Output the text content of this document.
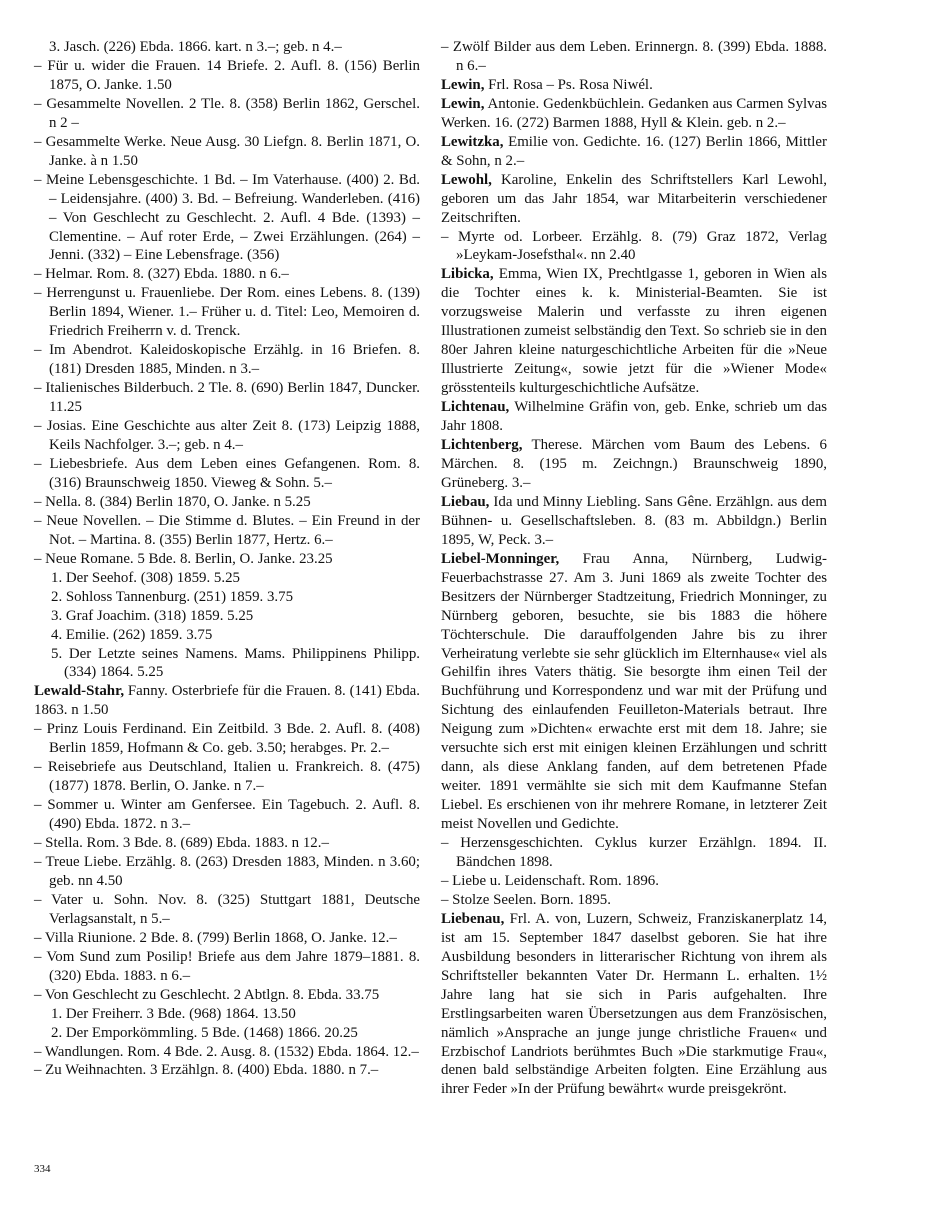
3. Jasch. (226) Ebda. 1866. kart. n 3.–; geb. n 4.–

– Für u. wider die Frauen. 14 Briefe. 2. Aufl. 8. (156) Berlin 1875, O. Janke. 1.50

– Gesammelte Novellen. 2 Tle. 8. (358) Berlin 1862, Gerschel. n 2 –

– Gesammelte Werke. Neue Ausg. 30 Liefgn. 8. Berlin 1871, O. Janke. à n 1.50

– Meine Lebensgeschichte. 1 Bd. – Im Vaterhause. (400) 2. Bd. – Leidensjahre. (400) 3. Bd. – Befreiung. Wanderleben. (416) – Von Geschlecht zu Geschlecht. 2. Aufl. 4 Bde. (1393) – Clementine. – Auf roter Erde, – Zwei Erzählungen. (264) – Jenni. (332) – Eine Lebensfrage. (356)

– Helmar. Rom. 8. (327) Ebda. 1880. n 6.–

– Herrengunst u. Frauenliebe. Der Rom. eines Lebens. 8. (139) Berlin 1894, Wiener. 1.– Früher u. d. Titel: Leo, Memoiren d. Friedrich Freiherrn v. d. Trenck.

– Im Abendrot. Kaleidoskopische Erzählg. in 16 Briefen. 8. (181) Dresden 1885, Minden. n 3.–

– Italienisches Bilderbuch. 2 Tle. 8. (690) Berlin 1847, Duncker. 11.25

– Josias. Eine Geschichte aus alter Zeit 8. (173) Leipzig 1888, Keils Nachfolger. 3.–; geb. n 4.–

– Liebesbriefe. Aus dem Leben eines Gefangenen. Rom. 8. (316) Braunschweig 1850. Vieweg & Sohn. 5.–

– Nella. 8. (384) Berlin 1870, O. Janke. n 5.25

– Neue Novellen. – Die Stimme d. Blutes. – Ein Freund in der Not. – Martina. 8. (355) Berlin 1877, Hertz. 6.–

– Neue Romane. 5 Bde. 8. Berlin, O. Janke. 23.25

1. Der Seehof. (308) 1859. 5.25

2. Sohloss Tannenburg. (251) 1859. 3.75

3. Graf Joachim. (318) 1859. 5.25

4. Emilie. (262) 1859. 3.75

5. Der Letzte seines Namens. Mams. Philippinens Philipp. (334) 1864. 5.25

Lewald-Stahr, Fanny. Osterbriefe für die Frauen. 8. (141) Ebda. 1863. n 1.50

– Prinz Louis Ferdinand. Ein Zeitbild. 3 Bde. 2. Aufl. 8. (408) Berlin 1859, Hofmann & Co. geb. 3.50; herabges. Pr. 2.–

– Reisebriefe aus Deutschland, Italien u. Frankreich. 8. (475) (1877) 1878. Berlin, O. Janke. n 7.–

– Sommer u. Winter am Genfersee. Ein Tagebuch. 2. Aufl. 8. (490) Ebda. 1872. n 3.–

– Stella. Rom. 3 Bde. 8. (689) Ebda. 1883. n 12.–

– Treue Liebe. Erzählg. 8. (263) Dresden 1883, Minden. n 3.60; geb. nn 4.50

– Vater u. Sohn. Nov. 8. (325) Stuttgart 1881, Deutsche Verlagsanstalt, n 5.–

– Villa Riunione. 2 Bde. 8. (799) Berlin 1868, O. Janke. 12.–

– Vom Sund zum Posilip! Briefe aus dem Jahre 1879–1881. 8. (320) Ebda. 1883. n 6.–

– Von Geschlecht zu Geschlecht. 2 Abtlgn. 8. Ebda. 33.75

1. Der Freiherr. 3 Bde. (968) 1864. 13.50

2. Der Emporkömmling. 5 Bde. (1468) 1866. 20.25

– Wandlungen. Rom. 4 Bde. 2. Ausg. 8. (1532) Ebda. 1864. 12.–

– Zu Weihnachten. 3 Erzählgn. 8. (400) Ebda. 1880. n 7.–

– Zwölf Bilder aus dem Leben. Erinnergn. 8. (399) Ebda. 1888. n 6.–

Lewin, Frl. Rosa – Ps. Rosa Niwél.

Lewin, Antonie. Gedenkbüchlein. Gedanken aus Carmen Sylvas Werken. 16. (272) Barmen 1888, Hyll & Klein. geb. n 2.–

Lewitzka, Emilie von. Gedichte. 16. (127) Berlin 1866, Mittler & Sohn, n 2.–

Lewohl, Karoline, Enkelin des Schriftstellers Karl Lewohl, geboren um das Jahr 1854, war Mitarbeiterin verschiedener Zeitschriften.

– Myrte od. Lorbeer. Erzählg. 8. (79) Graz 1872, Verlag »Leykam-Josefsthal«. nn 2.40

Libicka, Emma, Wien IX, Prechtlgasse 1, geboren in Wien als die Tochter eines k. k. Ministerial-Beamten. Sie ist vorzugsweise Malerin und verfasste zu ihren eigenen Illustrationen zumeist selbständig den Text. So schrieb sie in den 80er Jahren kleine naturgeschichtliche Arbeiten für die »Neue Illustrierte Zeitung«, sowie jetzt für die »Wiener Mode« grösstenteils kulturgeschichtliche Aufsätze.

Lichtenau, Wilhelmine Gräfin von, geb. Enke, schrieb um das Jahr 1808.

Lichtenberg, Therese. Märchen vom Baum des Lebens. 6 Märchen. 8. (195 m. Zeichngn.) Braunschweig 1890, Grüneberg. 3.–

Liebau, Ida und Minny Liebling. Sans Gêne. Erzählgn. aus dem Bühnen- u. Gesellschaftsleben. 8. (83 m. Abbildgn.) Berlin 1895, W, Peck. 3.–

Liebel-Monninger, Frau Anna, Nürnberg, Ludwig-Feuerbachstrasse 27. Am 3. Juni 1869 als zweite Tochter des Besitzers der Nürnberger Stadtzeitung, Friedrich Monninger, zu Nürnberg geboren, besuchte, sie bis 1883 die höhere Töchterschule. Die darauffolgenden Jahre bis zu ihrer Verheiratung verlebte sie sehr glücklich im Elternhause« viel als Gehilfin ihres Vaters thätig. Sie besorgte ihm einen Teil der Buchführung und Korrespondenz und war mit der Prüfung und Sichtung des einlaufenden Feuilleton-Materials betraut. Ihre Neigung zum »Dichten« erwachte erst mit dem 18. Jahre; sie versuchte sich erst mit einigen kleinen Erzählungen und schritt dann, als diese Anklang fanden, auf dem betretenen Pfade weiter. 1891 vermählte sie sich mit dem Kaufmanne Stefan Liebel. Es erschienen von ihr mehrere Romane, in letzterer Zeit meist Novellen und Gedichte.

– Herzensgeschichten. Cyklus kurzer Erzählgn. 1894. II. Bändchen 1898.

– Liebe u. Leidenschaft. Rom. 1896.

– Stolze Seelen. Born. 1895.

Liebenau, Frl. A. von, Luzern, Schweiz, Franziskanerplatz 14, ist am 15. September 1847 daselbst geboren. Sie hat ihre Ausbildung besonders in litterarischer Richtung von ihrem als Schriftsteller bekannten Vater Dr. Hermann L. erhalten. 1½ Jahre lang hat sie sich in Paris aufgehalten. Ihre Erstlingsarbeiten waren Übersetzungen aus dem Französischen, nämlich »Ansprache an junge junge christliche Frauen« und Erzbischof Landriots berühmtes Buch »Die starkmutige Frau«, denen bald selbständige Arbeiten folgten. Eine Erzählung aus ihrer Feder »In der Prüfung bewährt« wurde preisgekrönt.

334
